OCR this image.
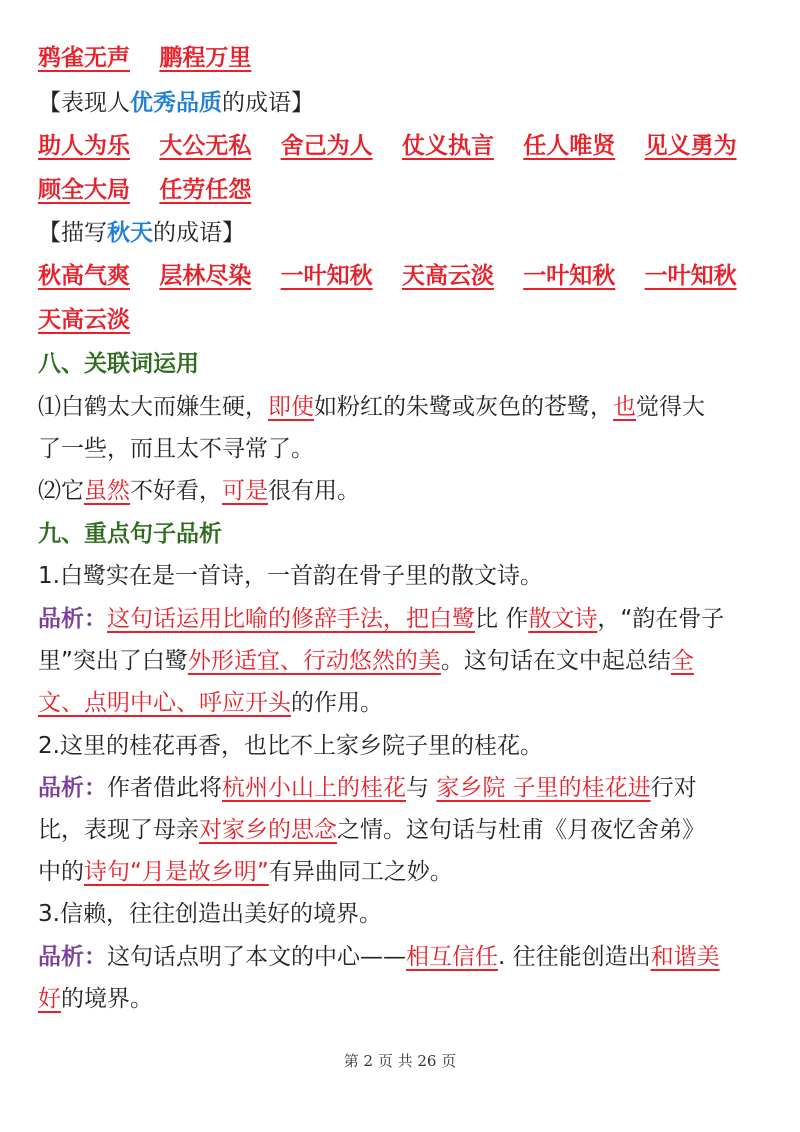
鸦雀无声 鹏程万里
【表现人优秀品质的成语】
助人为乐 大公无私 舍己为人 仗义执言 任人唯贤 见义勇为
顾全大局 任劳任怨
【描写秋天的成语】
秋高气爽 层林尽染 一叶知秋 天高云淡 一叶知秋 一叶知秋
天高云淡
八、关联词运用
⑴白鹤太大而嫌生硬，即使如粉红的朱鹭或灰色的苍鹭，也觉得大
了一些，而且太不寻常了。
⑵它虽然不好看，可是很有用。
九、重点句子品析
1.白鹭实在是一首诗，一首韵在骨子里的散文诗。
品析：这句话运用比喻的修辞手法，把白鹭比 作散文诗，“韵在骨子
里”突出了白鹭外形适宜、行动悠然的美。这句话在文中起总结全
文、点明中心、呼应开头的作用。
2.这里的桂花再香，也比不上家乡院子里的桂花。
品析：作者借此将杭州小山上的桂花与 家乡院 子里的桂花进行对
比，表现了母亲对家乡的思念之情。这句话与杜甫《月夜忆舍弟》
中的诗句“月是故乡明”有异曲同工之妙。
3.信赖，往往创造出美好的境界。
品析：这句话点明了本文的中心——相互信任. 往往能创造出和谐美
好的境界。
第 2 页 共 26 页
